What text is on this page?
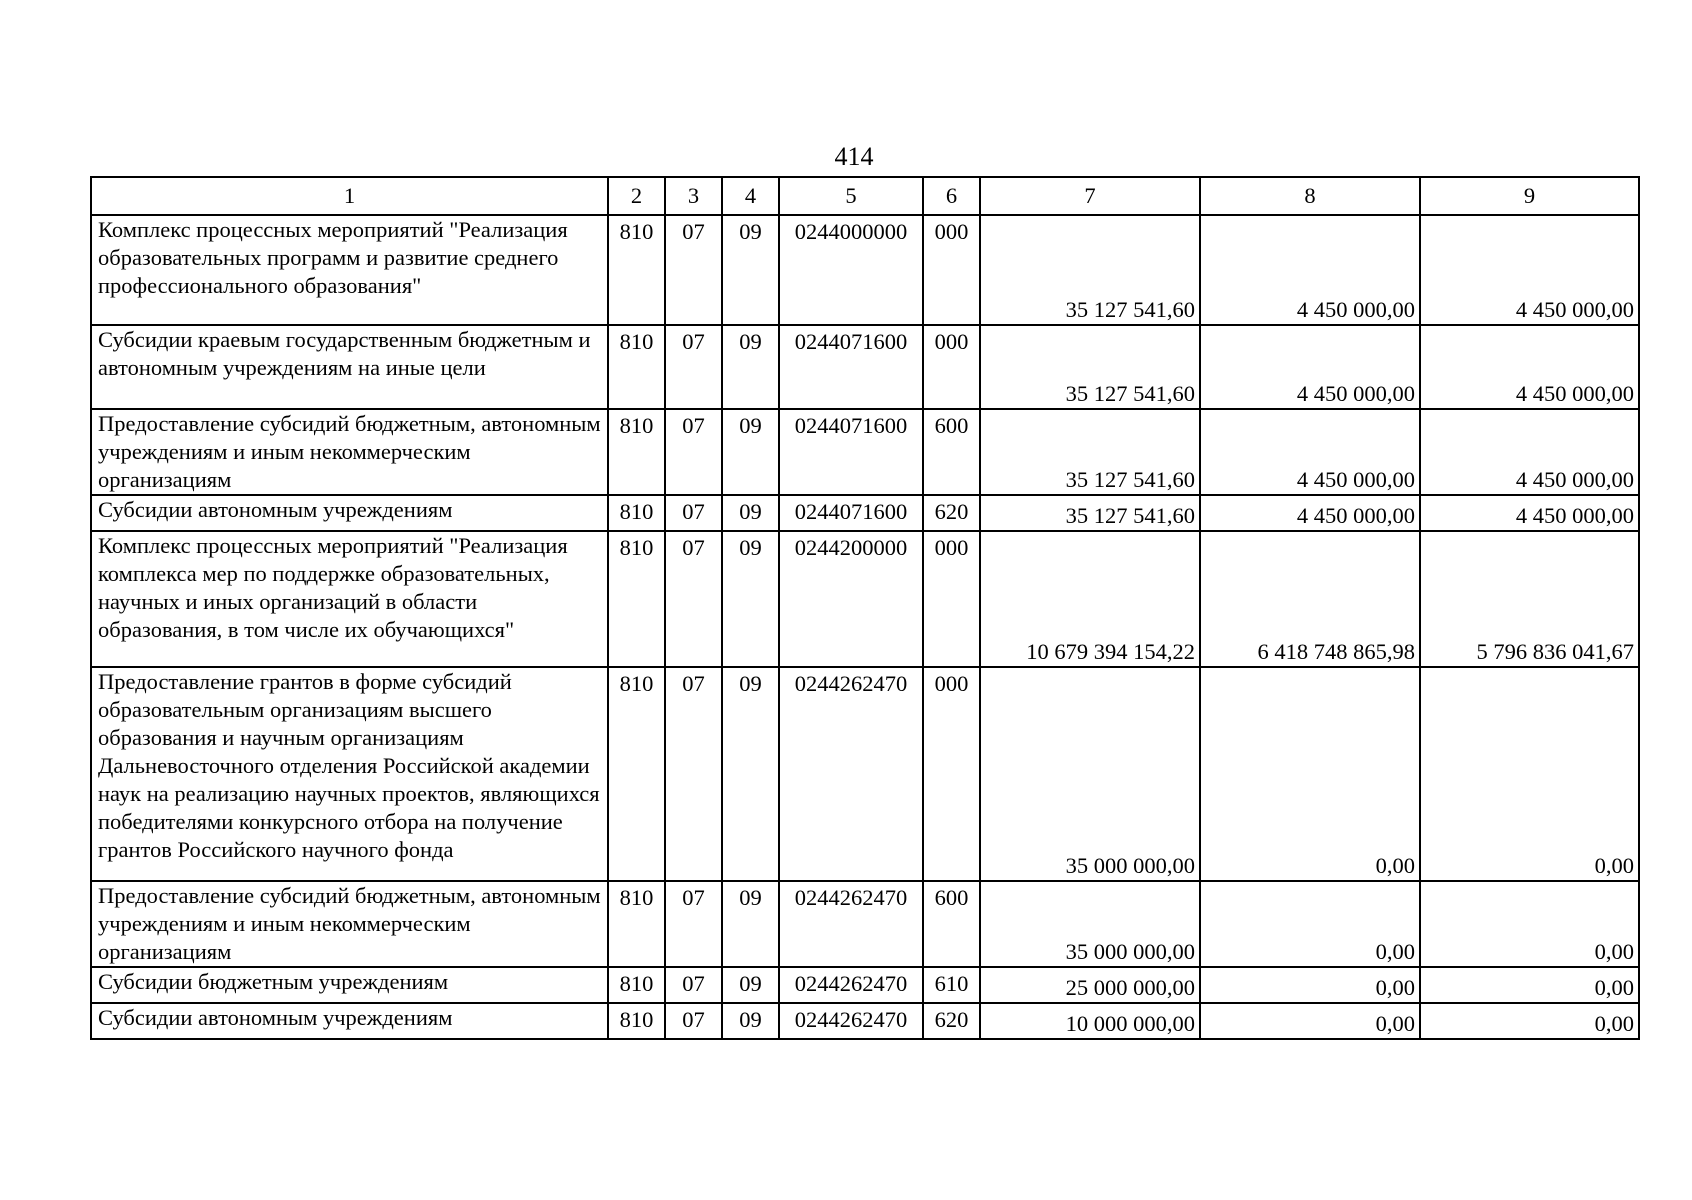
414
1	2	3	4	5	6	7	8	9
Комплекс процессных мероприятий "Реализация образовательных программ и развитие среднего профессионального образования"	810	07	09	0244000000	000	35 127 541,60	4 450 000,00	4 450 000,00
Субсидии краевым государственным бюджетным и автономным учреждениям на иные цели	810	07	09	0244071600	000	35 127 541,60	4 450 000,00	4 450 000,00
Предоставление субсидий бюджетным, автономным учреждениям и иным некоммерческим организациям	810	07	09	0244071600	600	35 127 541,60	4 450 000,00	4 450 000,00
Субсидии автономным учреждениям	810	07	09	0244071600	620	35 127 541,60	4 450 000,00	4 450 000,00
Комплекс процессных мероприятий "Реализация комплекса мер по поддержке образовательных, научных и иных организаций в области образования, в том числе их обучающихся"	810	07	09	0244200000	000	10 679 394 154,22	6 418 748 865,98	5 796 836 041,67
Предоставление грантов в форме субсидий образовательным организациям высшего образования и научным организациям Дальневосточного отделения Российской академии наук на реализацию научных проектов, являющихся победителями конкурсного отбора на получение грантов Российского научного фонда	810	07	09	0244262470	000	35 000 000,00	0,00	0,00
Предоставление субсидий бюджетным, автономным учреждениям и иным некоммерческим организациям	810	07	09	0244262470	600	35 000 000,00	0,00	0,00
Субсидии бюджетным учреждениям	810	07	09	0244262470	610	25 000 000,00	0,00	0,00
Субсидии автономным учреждениям	810	07	09	0244262470	620	10 000 000,00	0,00	0,00
